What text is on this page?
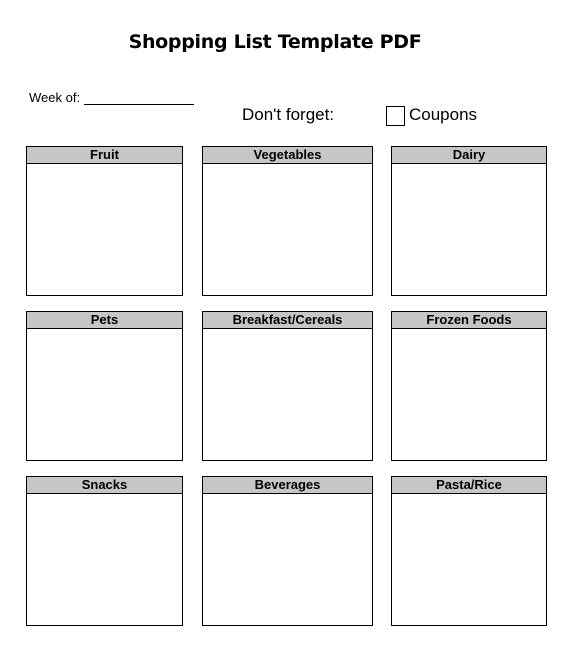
Shopping List Template PDF
Week of:
Don't forget:	Coupons
Fruit	Vegetables	Dairy
Pets	Breakfast/Cereals	Frozen Foods
Snacks	Beverages	Pasta/Rice
